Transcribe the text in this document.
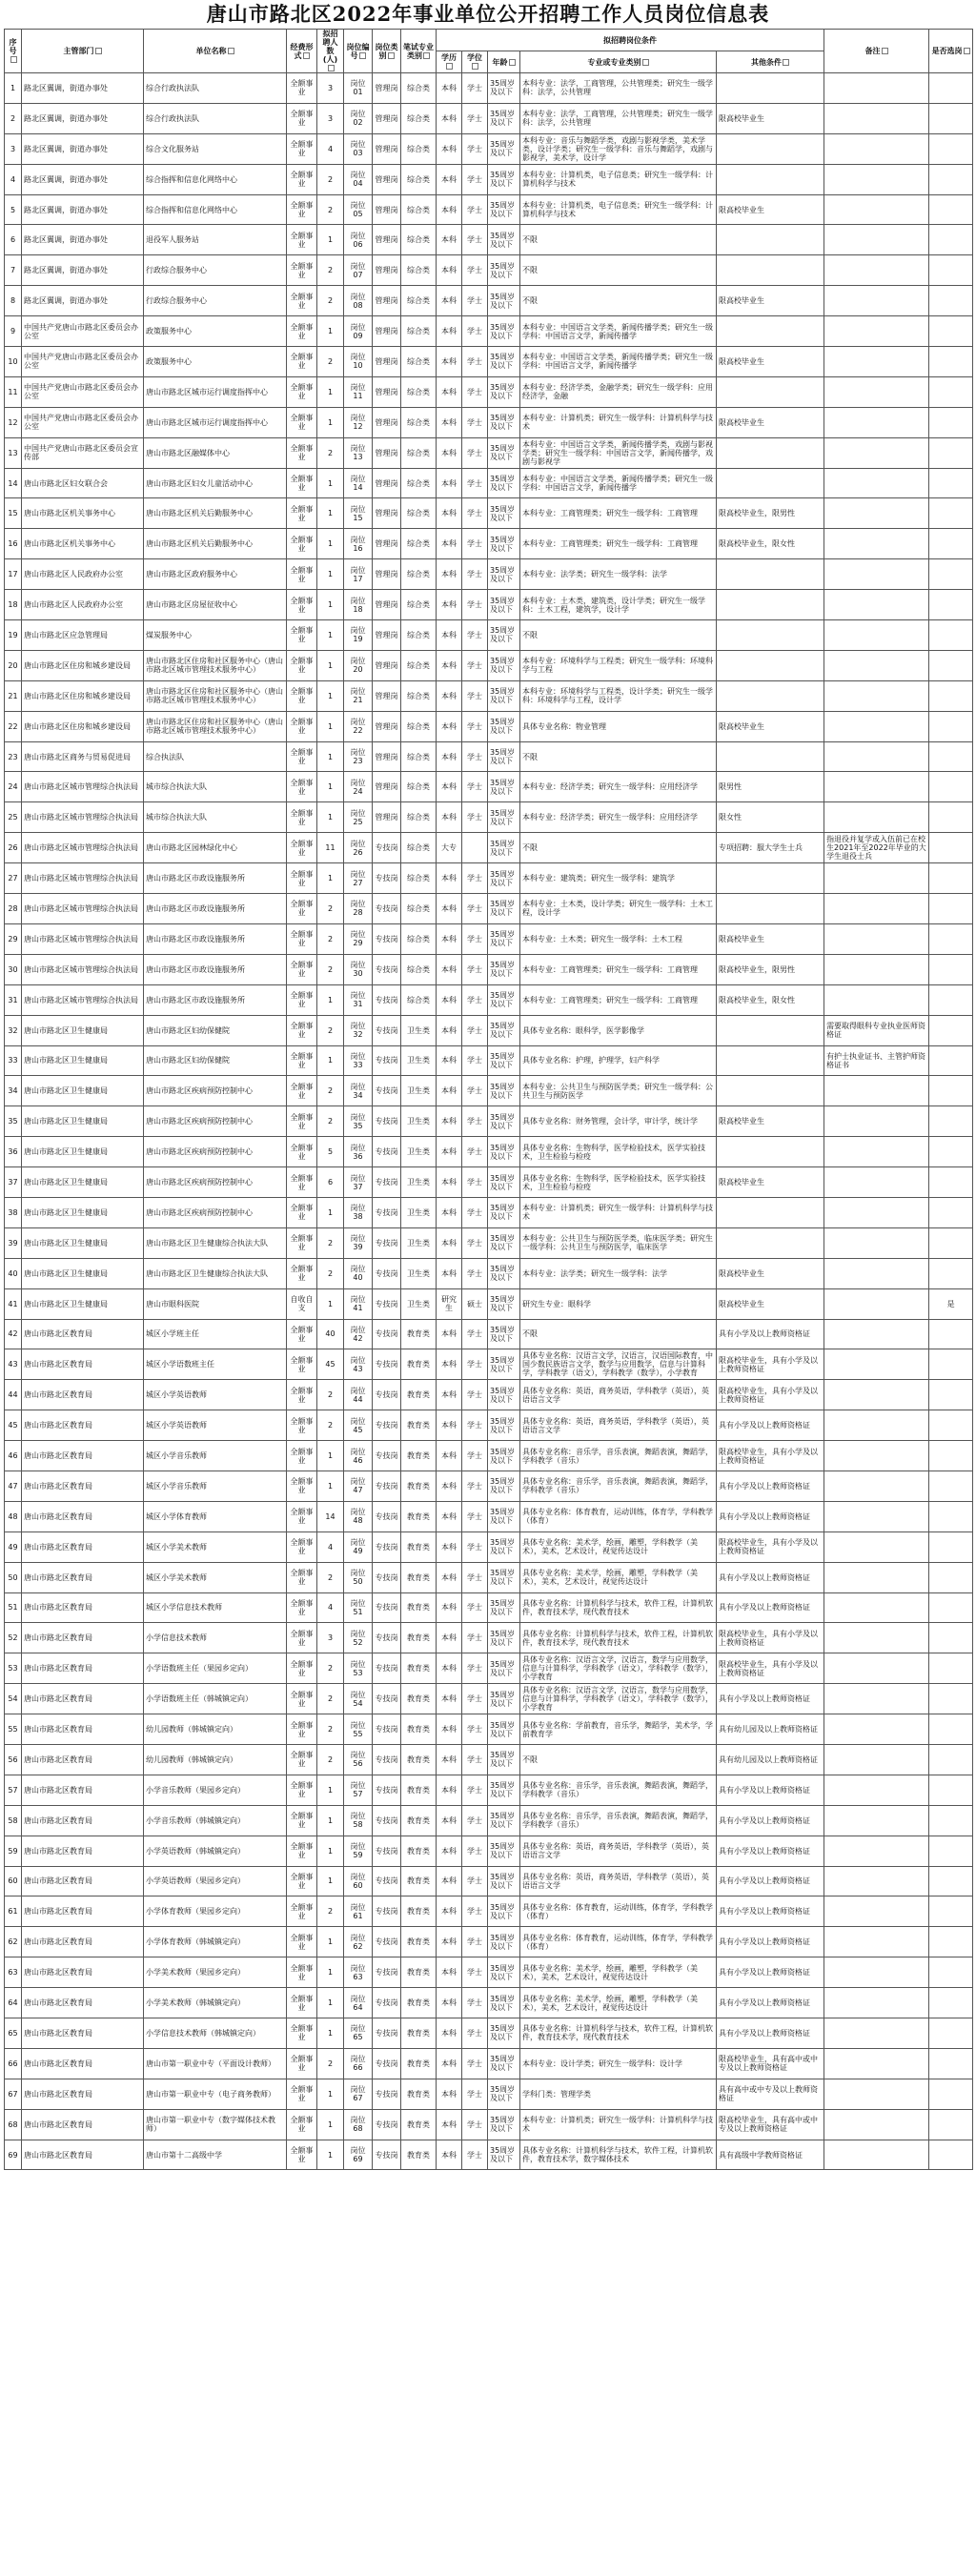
唐山市路北区2022年事业单位公开招聘工作人员岗位信息表
序号	主管部门	单位名称	经费形式	拟招聘人数(人)	岗位编号	岗位类别	笔试专业类别	拟招聘岗位条件					备注	是否选岗
								学历	学位	年龄	专业或专业类别	其他条件		
1	路北区翼调，街道办事处	综合行政执法队	全额事业	3	岗位01	管理岗	综合类	本科	学士	35周岁及以下	本科专业：法学，工商管理，公共管理类；研究生一级学科：法学，公共管理			
2	路北区翼调，街道办事处	综合行政执法队	全额事业	3	岗位02	管理岗	综合类	本科	学士	35周岁及以下	本科专业：法学，工商管理，公共管理类；研究生一级学科：法学，公共管理	限高校毕业生		
3	路北区翼调，街道办事处	综合文化服务站	全额事业	4	岗位03	管理岗	综合类	本科	学士	35周岁及以下	本科专业：音乐与舞蹈学类，戏剧与影视学类，美术学类，设计学类；研究生一级学科：音乐与舞蹈学，戏剧与影视学，美术学，设计学			
4	路北区翼调，街道办事处	综合指挥和信息化网络中心	全额事业	2	岗位04	管理岗	综合类	本科	学士	35周岁及以下	本科专业：计算机类，电子信息类；研究生一级学科：计算机科学与技术			
5	路北区翼调，街道办事处	综合指挥和信息化网络中心	全额事业	2	岗位05	管理岗	综合类	本科	学士	35周岁及以下	本科专业：计算机类，电子信息类；研究生一级学科：计算机科学与技术	限高校毕业生		
6	路北区翼调，街道办事处	退役军人服务站	全额事业	1	岗位06	管理岗	综合类	本科	学士	35周岁及以下	不限			
7	路北区翼调，街道办事处	行政综合服务中心	全额事业	2	岗位07	管理岗	综合类	本科	学士	35周岁及以下	不限			
8	路北区翼调，街道办事处	行政综合服务中心	全额事业	2	岗位08	管理岗	综合类	本科	学士	35周岁及以下	不限	限高校毕业生		
9	中国共产党唐山市路北区委员会办公室	政策服务中心	全额事业	1	岗位09	管理岗	综合类	本科	学士	35周岁及以下	本科专业：中国语言文学类，新闻传播学类；研究生一级学科：中国语言文学，新闻传播学			
10	中国共产党唐山市路北区委员会办公室	政策服务中心	全额事业	2	岗位10	管理岗	综合类	本科	学士	35周岁及以下	本科专业：中国语言文学类，新闻传播学类；研究生一级学科：中国语言文学，新闻传播学	限高校毕业生		
11	中国共产党唐山市路北区委员会办公室	唐山市路北区城市运行调度指挥中心	全额事业	1	岗位11	管理岗	综合类	本科	学士	35周岁及以下	本科专业：经济学类，金融学类；研究生一级学科：应用经济学，金融			
12	中国共产党唐山市路北区委员会办公室	唐山市路北区城市运行调度指挥中心	全额事业	1	岗位12	管理岗	综合类	本科	学士	35周岁及以下	本科专业：计算机类；研究生一级学科：计算机科学与技术	限高校毕业生		
13	中国共产党唐山市路北区委员会宣传部	唐山市路北区融媒体中心	全额事业	2	岗位13	管理岗	综合类	本科	学士	35周岁及以下	本科专业：中国语言文学类，新闻传播学类，戏剧与影视学类；研究生一级学科：中国语言文学，新闻传播学，戏剧与影视学			
14	唐山市路北区妇女联合会	唐山市路北区妇女儿童活动中心	全额事业	1	岗位14	管理岗	综合类	本科	学士	35周岁及以下	本科专业：中国语言文学类，新闻传播学类；研究生一级学科：中国语言文学，新闻传播学			
15	唐山市路北区机关事务中心	唐山市路北区机关后勤服务中心	全额事业	1	岗位15	管理岗	综合类	本科	学士	35周岁及以下	本科专业：工商管理类；研究生一级学科：工商管理	限高校毕业生，限男性		
16	唐山市路北区机关事务中心	唐山市路北区机关后勤服务中心	全额事业	1	岗位16	管理岗	综合类	本科	学士	35周岁及以下	本科专业：工商管理类；研究生一级学科：工商管理	限高校毕业生，限女性		
17	唐山市路北区人民政府办公室	唐山市路北区政府服务中心	全额事业	1	岗位17	管理岗	综合类	本科	学士	35周岁及以下	本科专业：法学类；研究生一级学科：法学			
18	唐山市路北区人民政府办公室	唐山市路北区房屋征收中心	全额事业	1	岗位18	管理岗	综合类	本科	学士	35周岁及以下	本科专业：土木类，建筑类，设计学类；研究生一级学科：土木工程，建筑学，设计学			
19	唐山市路北区应急管理局	煤炭服务中心	全额事业	1	岗位19	管理岗	综合类	本科	学士	35周岁及以下	不限			
20	唐山市路北区住房和城乡建设局	唐山市路北区住房和社区服务中心（唐山市路北区城市管理技术服务中心）	全额事业	1	岗位20	管理岗	综合类	本科	学士	35周岁及以下	本科专业：环境科学与工程类；研究生一级学科：环境科学与工程			
21	唐山市路北区住房和城乡建设局	唐山市路北区住房和社区服务中心（唐山市路北区城市管理技术服务中心）	全额事业	1	岗位21	管理岗	综合类	本科	学士	35周岁及以下	本科专业：环境科学与工程类，设计学类；研究生一级学科：环境科学与工程，设计学			
22	唐山市路北区住房和城乡建设局	唐山市路北区住房和社区服务中心（唐山市路北区城市管理技术服务中心）	全额事业	1	岗位22	管理岗	综合类	本科	学士	35周岁及以下	具体专业名称：物业管理	限高校毕业生		
23	唐山市路北区商务与贸易促进局	综合执法队	全额事业	1	岗位23	管理岗	综合类	本科	学士	35周岁及以下	不限			
24	唐山市路北区城市管理综合执法局	城市综合执法大队	全额事业	1	岗位24	管理岗	综合类	本科	学士	35周岁及以下	本科专业：经济学类；研究生一级学科：应用经济学	限男性		
25	唐山市路北区城市管理综合执法局	城市综合执法大队	全额事业	1	岗位25	管理岗	综合类	本科	学士	35周岁及以下	本科专业：经济学类；研究生一级学科：应用经济学	限女性		
26	唐山市路北区城市管理综合执法局	唐山市路北区园林绿化中心	全额事业	11	岗位26	专技岗	综合类	大专		35周岁及以下	不限	专项招聘：服大学生士兵	指退役并复学或入伍前已在校生2021年至2022年毕业的大学生退役士兵	
27	唐山市路北区城市管理综合执法局	唐山市路北区市政设施服务所	全额事业	1	岗位27	专技岗	综合类	本科	学士	35周岁及以下	本科专业：建筑类；研究生一级学科：建筑学			
28	唐山市路北区城市管理综合执法局	唐山市路北区市政设施服务所	全额事业	2	岗位28	专技岗	综合类	本科	学士	35周岁及以下	本科专业：土木类，设计学类；研究生一级学科：土木工程，设计学			
29	唐山市路北区城市管理综合执法局	唐山市路北区市政设施服务所	全额事业	2	岗位29	专技岗	综合类	本科	学士	35周岁及以下	本科专业：土木类；研究生一级学科：土木工程	限高校毕业生		
30	唐山市路北区城市管理综合执法局	唐山市路北区市政设施服务所	全额事业	2	岗位30	专技岗	综合类	本科	学士	35周岁及以下	本科专业：工商管理类；研究生一级学科：工商管理	限高校毕业生，限男性		
31	唐山市路北区城市管理综合执法局	唐山市路北区市政设施服务所	全额事业	1	岗位31	专技岗	综合类	本科	学士	35周岁及以下	本科专业：工商管理类；研究生一级学科：工商管理	限高校毕业生，限女性		
32	唐山市路北区卫生健康局	唐山市路北区妇幼保健院	全额事业	2	岗位32	专技岗	卫生类	本科	学士	35周岁及以下	具体专业名称：眼科学，医学影像学		需要取得眼科专业执业医师资格证	
33	唐山市路北区卫生健康局	唐山市路北区妇幼保健院	全额事业	1	岗位33	专技岗	卫生类	本科	学士	35周岁及以下	具体专业名称：护理，护理学，妇产科学		有护士执业证书、主管护师资格证书	
34	唐山市路北区卫生健康局	唐山市路北区疾病预防控制中心	全额事业	2	岗位34	专技岗	卫生类	本科	学士	35周岁及以下	本科专业：公共卫生与预防医学类；研究生一级学科：公共卫生与预防医学			
35	唐山市路北区卫生健康局	唐山市路北区疾病预防控制中心	全额事业	2	岗位35	专技岗	卫生类	本科	学士	35周岁及以下	具体专业名称：财务管理，会计学，审计学，统计学	限高校毕业生		
36	唐山市路北区卫生健康局	唐山市路北区疾病预防控制中心	全额事业	5	岗位36	专技岗	卫生类	本科	学士	35周岁及以下	具体专业名称：生物科学，医学检验技术，医学实验技术，卫生检验与检疫			
37	唐山市路北区卫生健康局	唐山市路北区疾病预防控制中心	全额事业	6	岗位37	专技岗	卫生类	本科	学士	35周岁及以下	具体专业名称：生物科学，医学检验技术，医学实验技术，卫生检验与检疫	限高校毕业生		
38	唐山市路北区卫生健康局	唐山市路北区疾病预防控制中心	全额事业	1	岗位38	专技岗	卫生类	本科	学士	35周岁及以下	本科专业：计算机类；研究生一级学科：计算机科学与技术			
39	唐山市路北区卫生健康局	唐山市路北区卫生健康综合执法大队	全额事业	2	岗位39	专技岗	卫生类	本科	学士	35周岁及以下	本科专业：公共卫生与预防医学类，临床医学类；研究生一级学科：公共卫生与预防医学，临床医学			
40	唐山市路北区卫生健康局	唐山市路北区卫生健康综合执法大队	全额事业	2	岗位40	专技岗	卫生类	本科	学士	35周岁及以下	本科专业：法学类；研究生一级学科：法学	限高校毕业生		
41	唐山市路北区卫生健康局	唐山市眼科医院	自收自支	1	岗位41	专技岗	卫生类	研究生	硕士	35周岁及以下	研究生专业：眼科学	限高校毕业生		是
42	唐山市路北区教育局	城区小学班主任	全额事业	40	岗位42	专技岗	教育类	本科	学士	35周岁及以下	不限	具有小学及以上教师资格证		
43	唐山市路北区教育局	城区小学语数班主任	全额事业	45	岗位43	专技岗	教育类	本科	学士	35周岁及以下	具体专业名称：汉语言文学，汉语言，汉语国际教育，中国少数民族语言文学，数学与应用数学，信息与计算科学，学科教学（语文），学科教学（数学），小学教育	限高校毕业生，具有小学及以上教师资格证		
44	唐山市路北区教育局	城区小学英语教师	全额事业	2	岗位44	专技岗	教育类	本科	学士	35周岁及以下	具体专业名称：英语，商务英语，学科教学（英语），英语语言文学	限高校毕业生，具有小学及以上教师资格证		
45	唐山市路北区教育局	城区小学英语教师	全额事业	2	岗位45	专技岗	教育类	本科	学士	35周岁及以下	具体专业名称：英语，商务英语，学科教学（英语），英语语言文学	具有小学及以上教师资格证		
46	唐山市路北区教育局	城区小学音乐教师	全额事业	1	岗位46	专技岗	教育类	本科	学士	35周岁及以下	具体专业名称：音乐学，音乐表演，舞蹈表演，舞蹈学，学科教学（音乐）	限高校毕业生，具有小学及以上教师资格证		
47	唐山市路北区教育局	城区小学音乐教师	全额事业	1	岗位47	专技岗	教育类	本科	学士	35周岁及以下	具体专业名称：音乐学，音乐表演，舞蹈表演，舞蹈学，学科教学（音乐）	具有小学及以上教师资格证		
48	唐山市路北区教育局	城区小学体育教师	全额事业	14	岗位48	专技岗	教育类	本科	学士	35周岁及以下	具体专业名称：体育教育，运动训练，体育学，学科教学（体育）	具有小学及以上教师资格证		
49	唐山市路北区教育局	城区小学美术教师	全额事业	4	岗位49	专技岗	教育类	本科	学士	35周岁及以下	具体专业名称：美术学，绘画，雕塑，学科教学（美术），美术，艺术设计，视觉传达设计	限高校毕业生，具有小学及以上教师资格证		
50	唐山市路北区教育局	城区小学美术教师	全额事业	2	岗位50	专技岗	教育类	本科	学士	35周岁及以下	具体专业名称：美术学，绘画，雕塑，学科教学（美术），美术，艺术设计，视觉传达设计	具有小学及以上教师资格证		
51	唐山市路北区教育局	城区小学信息技术教师	全额事业	4	岗位51	专技岗	教育类	本科	学士	35周岁及以下	具体专业名称：计算机科学与技术，软件工程，计算机软件，教育技术学，现代教育技术	具有小学及以上教师资格证		
52	唐山市路北区教育局	小学信息技术教师	全额事业	3	岗位52	专技岗	教育类	本科	学士	35周岁及以下	具体专业名称：计算机科学与技术，软件工程，计算机软件，教育技术学，现代教育技术	限高校毕业生，具有小学及以上教师资格证		
53	唐山市路北区教育局	小学语数班主任（果园乡定向）	全额事业	2	岗位53	专技岗	教育类	本科	学士	35周岁及以下	具体专业名称：汉语言文学，汉语言，数学与应用数学，信息与计算科学，学科教学（语文），学科教学（数学），小学教育	限高校毕业生，具有小学及以上教师资格证		
54	唐山市路北区教育局	小学语数班主任（韩城镇定向）	全额事业	2	岗位54	专技岗	教育类	本科	学士	35周岁及以下	具体专业名称：汉语言文学，汉语言，数学与应用数学，信息与计算科学，学科教学（语文），学科教学（数学），小学教育	具有小学及以上教师资格证		
55	唐山市路北区教育局	幼儿园教师（韩城镇定向）	全额事业	2	岗位55	专技岗	教育类	本科	学士	35周岁及以下	具体专业名称：学前教育，音乐学，舞蹈学，美术学，学前教育学	具有幼儿园及以上教师资格证		
56	唐山市路北区教育局	幼儿园教师（韩城镇定向）	全额事业	2	岗位56	专技岗	教育类	本科	学士	35周岁及以下	不限	具有幼儿园及以上教师资格证		
57	唐山市路北区教育局	小学音乐教师（果园乡定向）	全额事业	1	岗位57	专技岗	教育类	本科	学士	35周岁及以下	具体专业名称：音乐学，音乐表演，舞蹈表演，舞蹈学，学科教学（音乐）	具有小学及以上教师资格证		
58	唐山市路北区教育局	小学音乐教师（韩城镇定向）	全额事业	1	岗位58	专技岗	教育类	本科	学士	35周岁及以下	具体专业名称：音乐学，音乐表演，舞蹈表演，舞蹈学，学科教学（音乐）	具有小学及以上教师资格证		
59	唐山市路北区教育局	小学英语教师（韩城镇定向）	全额事业	1	岗位59	专技岗	教育类	本科	学士	35周岁及以下	具体专业名称：英语，商务英语，学科教学（英语），英语语言文学	具有小学及以上教师资格证		
60	唐山市路北区教育局	小学英语教师（果园乡定向）	全额事业	1	岗位60	专技岗	教育类	本科	学士	35周岁及以下	具体专业名称：英语，商务英语，学科教学（英语），英语语言文学	具有小学及以上教师资格证		
61	唐山市路北区教育局	小学体育教师（果园乡定向）	全额事业	2	岗位61	专技岗	教育类	本科	学士	35周岁及以下	具体专业名称：体育教育，运动训练，体育学，学科教学（体育）	具有小学及以上教师资格证		
62	唐山市路北区教育局	小学体育教师（韩城镇定向）	全额事业	1	岗位62	专技岗	教育类	本科	学士	35周岁及以下	具体专业名称：体育教育，运动训练，体育学，学科教学（体育）	具有小学及以上教师资格证		
63	唐山市路北区教育局	小学美术教师（果园乡定向）	全额事业	1	岗位63	专技岗	教育类	本科	学士	35周岁及以下	具体专业名称：美术学，绘画，雕塑，学科教学（美术），美术，艺术设计，视觉传达设计	具有小学及以上教师资格证		
64	唐山市路北区教育局	小学美术教师（韩城镇定向）	全额事业	1	岗位64	专技岗	教育类	本科	学士	35周岁及以下	具体专业名称：美术学，绘画，雕塑，学科教学（美术），美术，艺术设计，视觉传达设计	具有小学及以上教师资格证		
65	唐山市路北区教育局	小学信息技术教师（韩城镇定向）	全额事业	1	岗位65	专技岗	教育类	本科	学士	35周岁及以下	具体专业名称：计算机科学与技术，软件工程，计算机软件，教育技术学，现代教育技术	具有小学及以上教师资格证		
66	唐山市路北区教育局	唐山市第一职业中专（平面设计教师）	全额事业	2	岗位66	专技岗	教育类	本科	学士	35周岁及以下	本科专业：设计学类；研究生一级学科：设计学	限高校毕业生，具有高中或中专及以上教师资格证		
67	唐山市路北区教育局	唐山市第一职业中专（电子商务教师）	全额事业	1	岗位67	专技岗	教育类	本科	学士	35周岁及以下	学科门类：管理学类	具有高中或中专及以上教师资格证		
68	唐山市路北区教育局	唐山市第一职业中专（数字媒体技术教师）	全额事业	1	岗位68	专技岗	教育类	本科	学士	35周岁及以下	本科专业：计算机类；研究生一级学科：计算机科学与技术	限高校毕业生，具有高中或中专及以上教师资格证		
69	唐山市路北区教育局	唐山市第十二高级中学	全额事业	1	岗位69	专技岗	教育类	本科	学士	35周岁及以下	具体专业名称：计算机科学与技术，软件工程，计算机软件，教育技术学，数字媒体技术	具有高级中学教师资格证		
